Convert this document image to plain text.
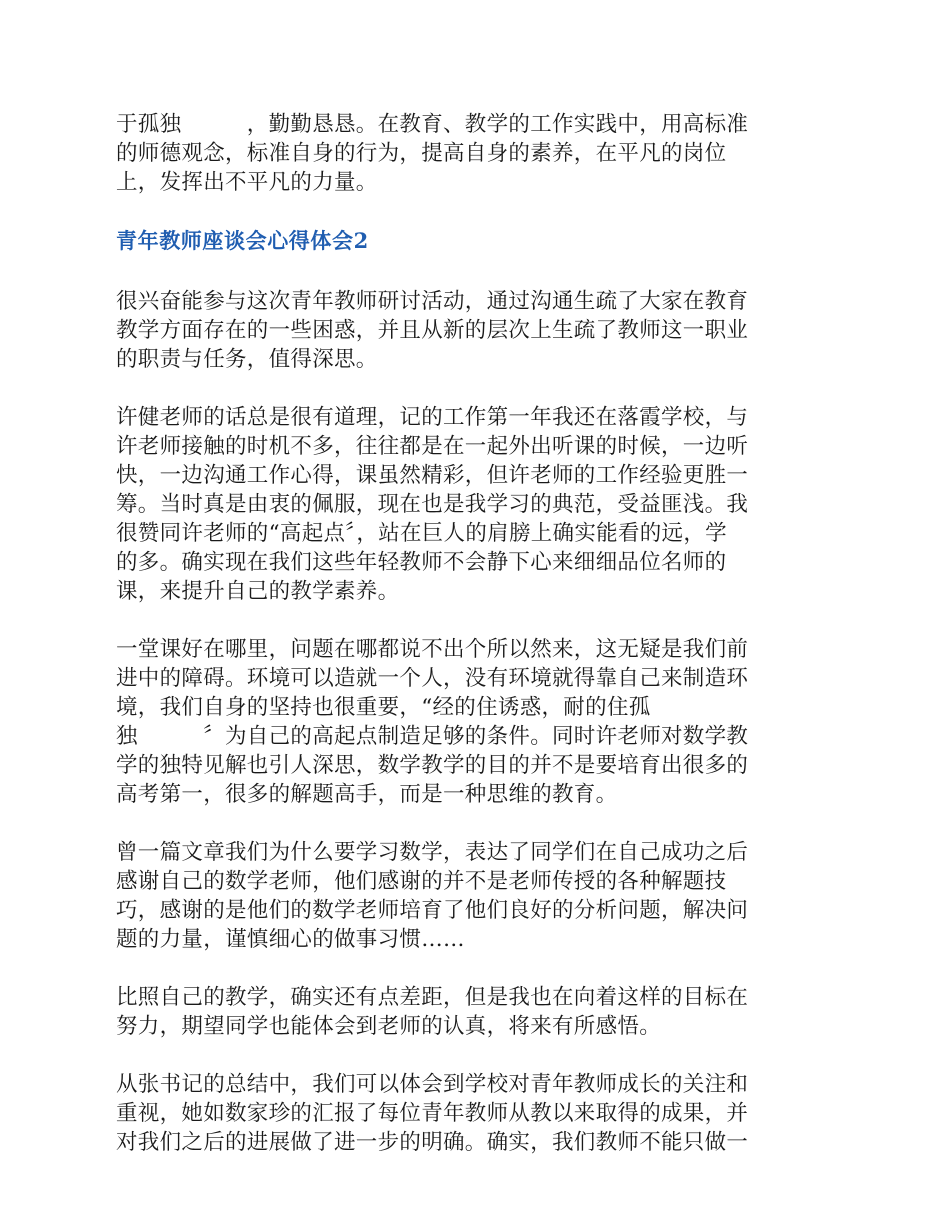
于孤独　　　，勤勤恳恳。在教育、教学的工作实践中，用高标准
的师德观念，标准自身的行为，提高自身的素养，在平凡的岗位
上，发挥出不平凡的力量。

青年教师座谈会心得体会2

很兴奋能参与这次青年教师研讨活动，通过沟通生疏了大家在教育
教学方面存在的一些困惑，并且从新的层次上生疏了教师这一职业
的职责与任务，值得深思。

许健老师的话总是很有道理，记的工作第一年我还在落霞学校，与
许老师接触的时机不多，往往都是在一起外出听课的时候，一边听
快，一边沟通工作心得，课虽然精彩，但许老师的工作经验更胜一
筹。当时真是由衷的佩服，现在也是我学习的典范，受益匪浅。我
很赞同许老师的“高起点〞，站在巨人的肩膀上确实能看的远，学
的多。确实现在我们这些年轻教师不会静下心来细细品位名师的
课，来提升自己的教学素养。

一堂课好在哪里，问题在哪都说不出个所以然来，这无疑是我们前
进中的障碍。环境可以造就一个人，没有环境就得靠自己来制造环
境，我们自身的坚持也很重要，“经的住诱惑，耐的住孤
独　　　〞为自己的高起点制造足够的条件。同时许老师对数学教
学的独特见解也引人深思，数学教学的目的并不是要培育出很多的
高考第一，很多的解题高手，而是一种思维的教育。

曾一篇文章我们为什么要学习数学，表达了同学们在自己成功之后
感谢自己的数学老师，他们感谢的并不是老师传授的各种解题技
巧，感谢的是他们的数学老师培育了他们良好的分析问题，解决问
题的力量，谨慎细心的做事习惯……

比照自己的教学，确实还有点差距，但是我也在向着这样的目标在
努力，期望同学也能体会到老师的认真，将来有所感悟。

从张书记的总结中，我们可以体会到学校对青年教师成长的关注和
重视，她如数家珍的汇报了每位青年教师从教以来取得的成果，并
对我们之后的进展做了进一步的明确。确实，我们教师不能只做一
